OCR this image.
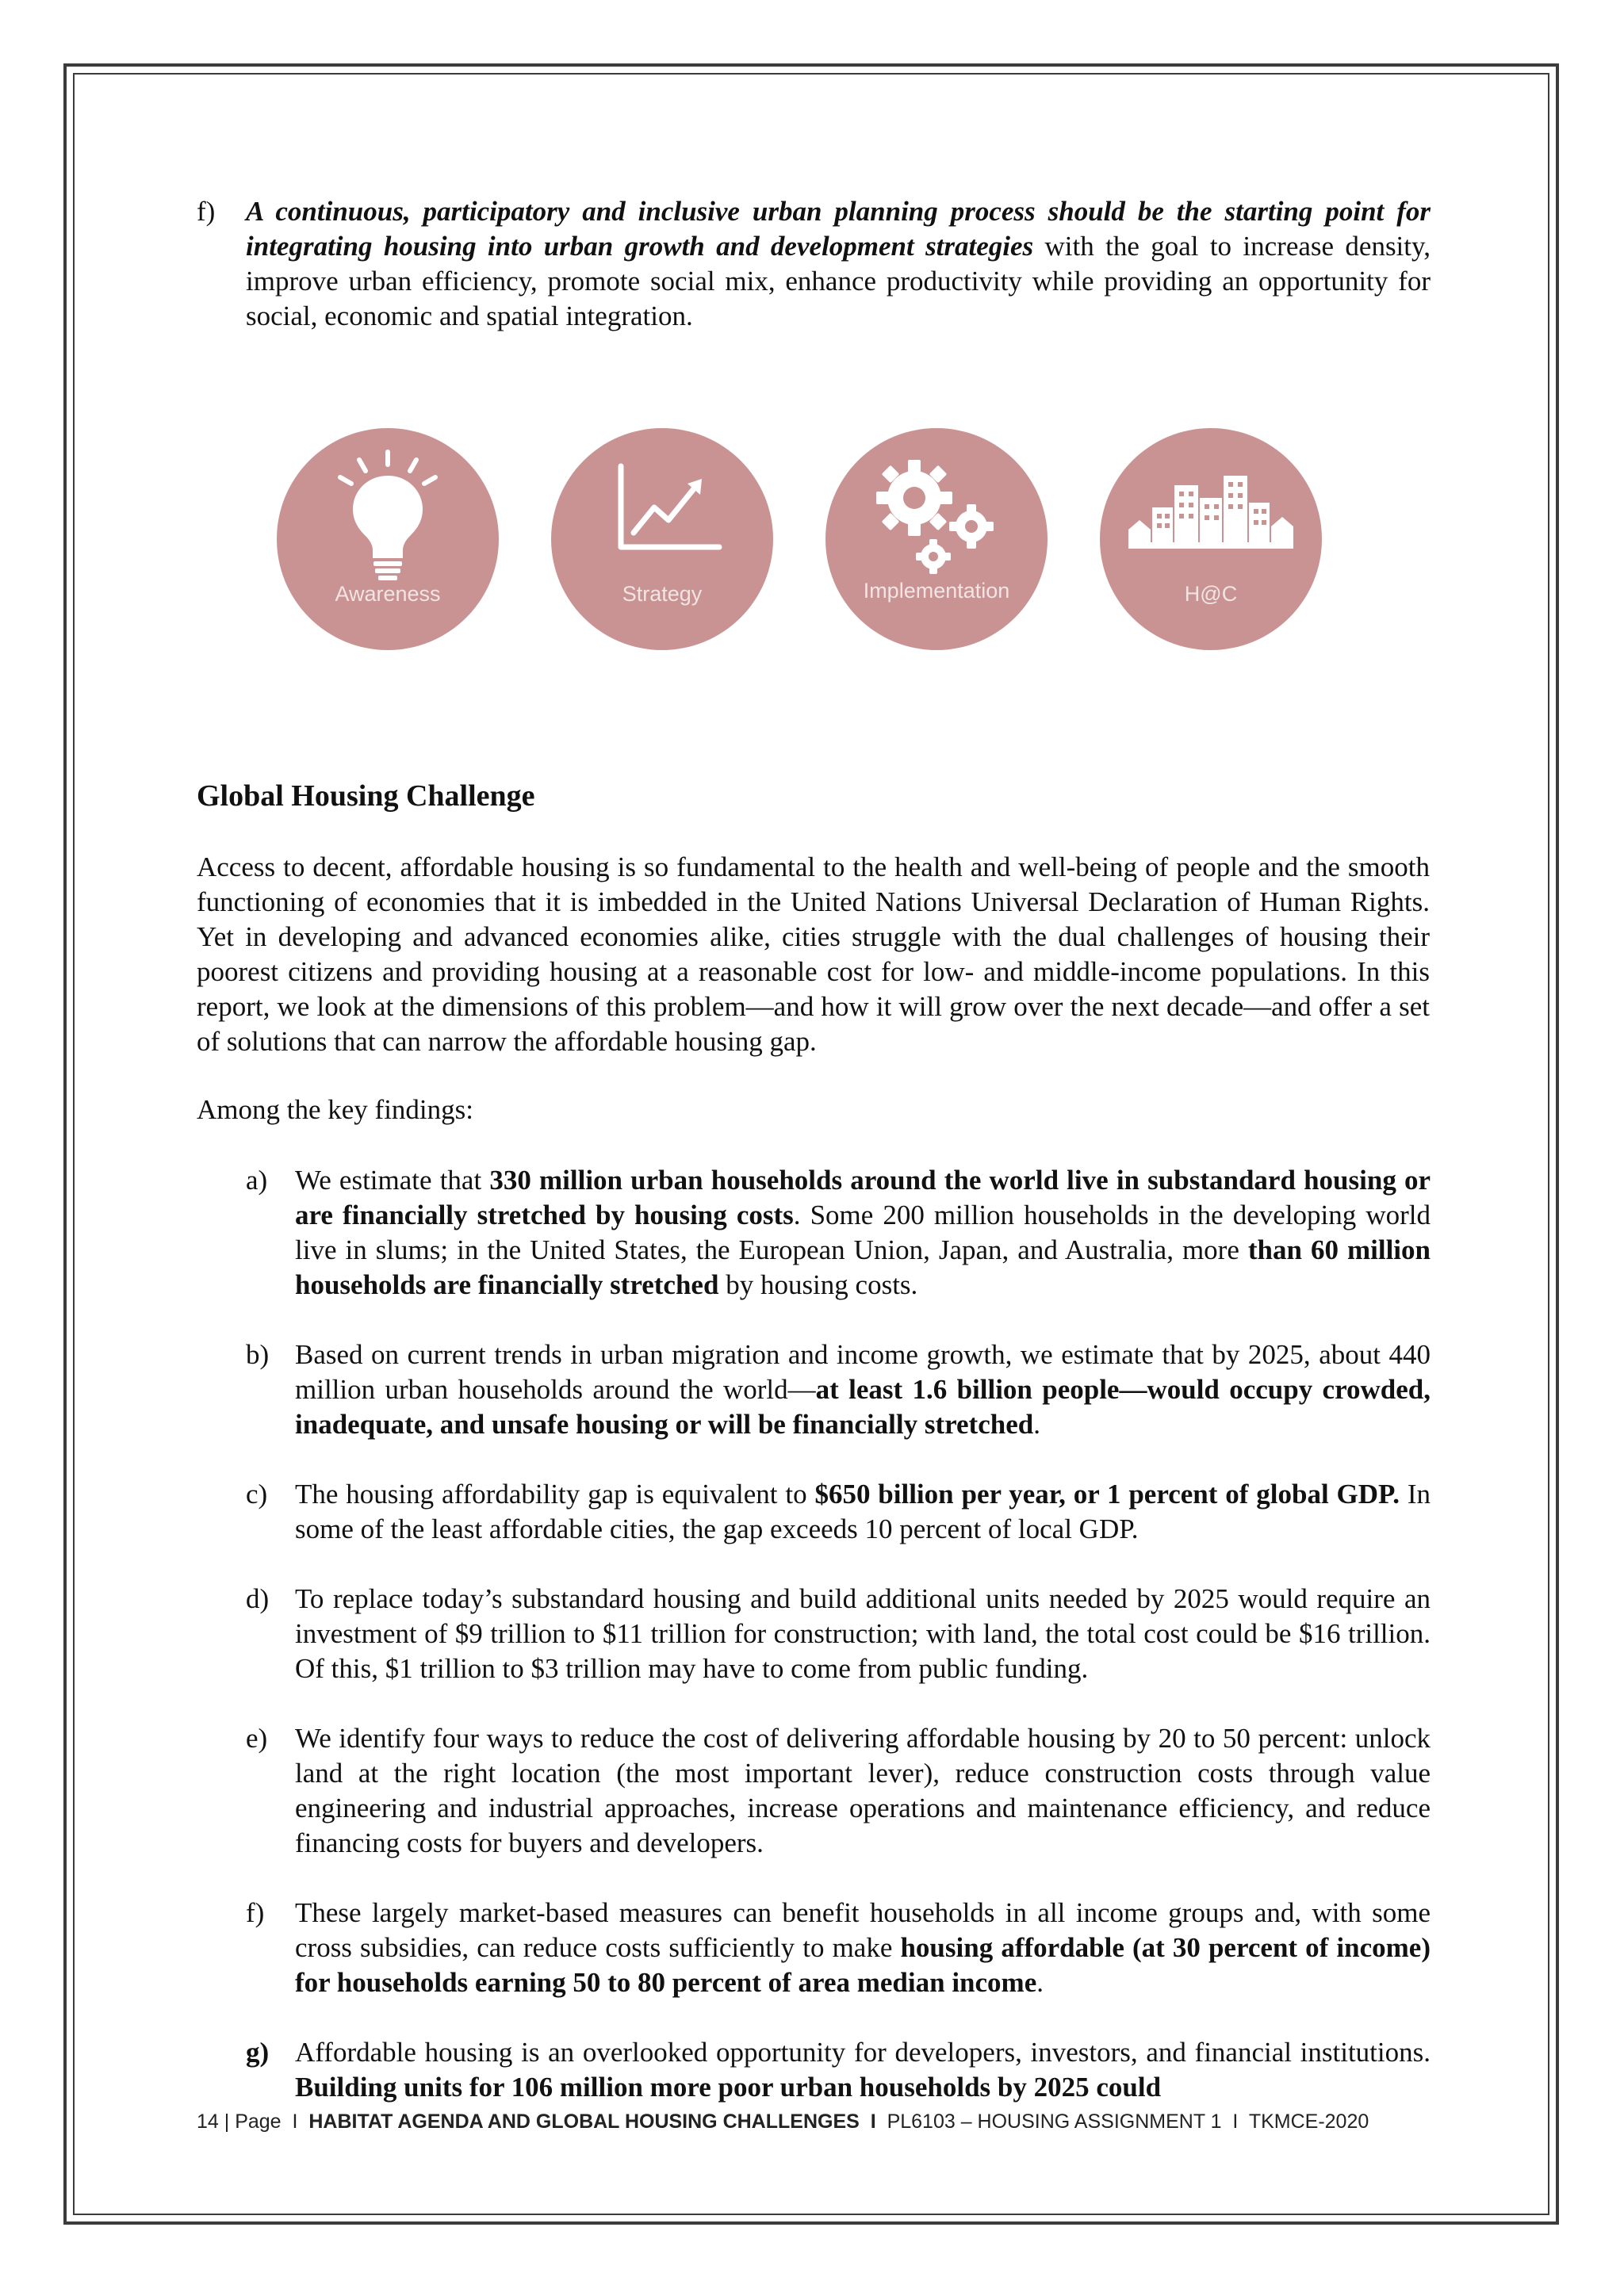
f)	A continuous, participatory and inclusive urban planning process should be the starting point for integrating housing into urban growth and development strategies with the goal to increase density, improve urban efficiency, promote social mix, enhance productivity while providing an opportunity for social, economic and spatial integration.
Awareness	Strategy	Implementation	H@C
Global Housing Challenge
Access to decent, affordable housing is so fundamental to the health and well-being of people and the smooth functioning of economies that it is imbedded in the United Nations Universal Declaration of Human Rights. Yet in developing and advanced economies alike, cities struggle with the dual challenges of housing their poorest citizens and providing housing at a reasonable cost for low- and middle-income populations. In this report, we look at the dimensions of this problem—and how it will grow over the next decade—and offer a set of solutions that can narrow the affordable housing gap.
Among the key findings:
a) We estimate that 330 million urban households around the world live in substandard housing or are financially stretched by housing costs. Some 200 million households in the developing world live in slums; in the United States, the European Union, Japan, and Australia, more than 60 million households are financially stretched by housing costs.
b) Based on current trends in urban migration and income growth, we estimate that by 2025, about 440 million urban households around the world—at least 1.6 billion people—would occupy crowded, inadequate, and unsafe housing or will be financially stretched.
c) The housing affordability gap is equivalent to $650 billion per year, or 1 percent of global GDP. In some of the least affordable cities, the gap exceeds 10 percent of local GDP.
d) To replace today’s substandard housing and build additional units needed by 2025 would require an investment of $9 trillion to $11 trillion for construction; with land, the total cost could be $16 trillion. Of this, $1 trillion to $3 trillion may have to come from public funding.
e) We identify four ways to reduce the cost of delivering affordable housing by 20 to 50 percent: unlock land at the right location (the most important lever), reduce construction costs through value engineering and industrial approaches, increase operations and maintenance efficiency, and reduce financing costs for buyers and developers.
f)	These largely market-based measures can benefit households in all income groups and, with some cross subsidies, can reduce costs sufficiently to make housing affordable (at 30 percent of income) for households earning 50 to 80 percent of area median income.
g) Affordable housing is an overlooked opportunity for developers, investors, and financial institutions. Building units for 106 million more poor urban households by 2025 could
14 | Page I HABITAT AGENDA AND GLOBAL HOUSING CHALLENGES I PL6103 – HOUSING ASSIGNMENT 1 I TKMCE-2020
